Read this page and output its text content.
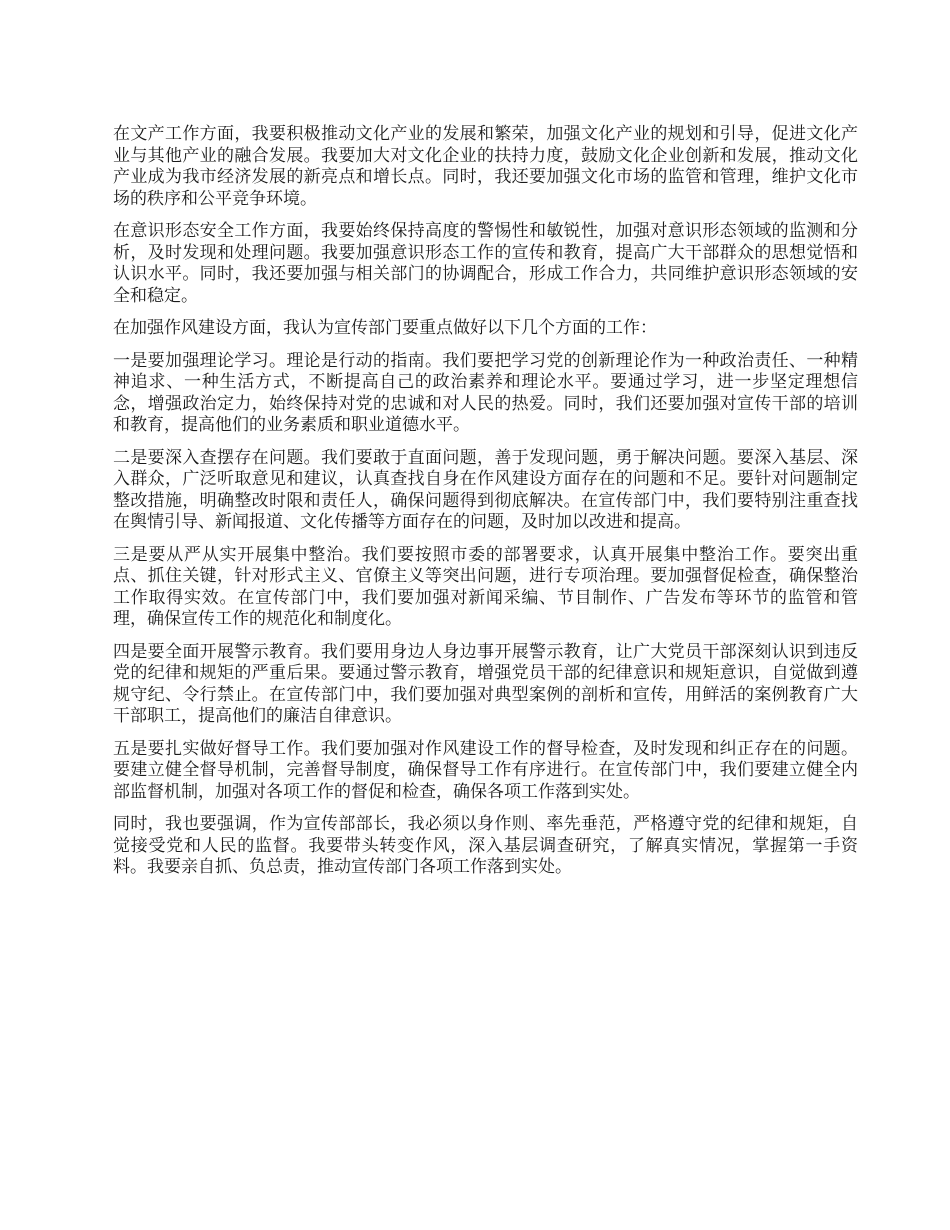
在文产工作方面，我要积极推动文化产业的发展和繁荣，加强文化产业的规划和引导，促进文化产业与其他产业的融合发展。我要加大对文化企业的扶持力度，鼓励文化企业创新和发展，推动文化产业成为我市经济发展的新亮点和增长点。同时，我还要加强文化市场的监管和管理，维护文化市场的秩序和公平竞争环境。

在意识形态安全工作方面，我要始终保持高度的警惕性和敏锐性，加强对意识形态领域的监测和分析，及时发现和处理问题。我要加强意识形态工作的宣传和教育，提高广大干部群众的思想觉悟和认识水平。同时，我还要加强与相关部门的协调配合，形成工作合力，共同维护意识形态领域的安全和稳定。

在加强作风建设方面，我认为宣传部门要重点做好以下几个方面的工作：

一是要加强理论学习。理论是行动的指南。我们要把学习党的创新理论作为一种政治责任、一种精神追求、一种生活方式，不断提高自己的政治素养和理论水平。要通过学习，进一步坚定理想信念，增强政治定力，始终保持对党的忠诚和对人民的热爱。同时，我们还要加强对宣传干部的培训和教育，提高他们的业务素质和职业道德水平。

二是要深入查摆存在问题。我们要敢于直面问题，善于发现问题，勇于解决问题。要深入基层、深入群众，广泛听取意见和建议，认真查找自身在作风建设方面存在的问题和不足。要针对问题制定整改措施，明确整改时限和责任人，确保问题得到彻底解决。在宣传部门中，我们要特别注重查找在舆情引导、新闻报道、文化传播等方面存在的问题，及时加以改进和提高。

三是要从严从实开展集中整治。我们要按照市委的部署要求，认真开展集中整治工作。要突出重点、抓住关键，针对形式主义、官僚主义等突出问题，进行专项治理。要加强督促检查，确保整治工作取得实效。在宣传部门中，我们要加强对新闻采编、节目制作、广告发布等环节的监管和管理，确保宣传工作的规范化和制度化。

四是要全面开展警示教育。我们要用身边人身边事开展警示教育，让广大党员干部深刻认识到违反党的纪律和规矩的严重后果。要通过警示教育，增强党员干部的纪律意识和规矩意识，自觉做到遵规守纪、令行禁止。在宣传部门中，我们要加强对典型案例的剖析和宣传，用鲜活的案例教育广大干部职工，提高他们的廉洁自律意识。

五是要扎实做好督导工作。我们要加强对作风建设工作的督导检查，及时发现和纠正存在的问题。要建立健全督导机制，完善督导制度，确保督导工作有序进行。在宣传部门中，我们要建立健全内部监督机制，加强对各项工作的督促和检查，确保各项工作落到实处。

同时，我也要强调，作为宣传部部长，我必须以身作则、率先垂范，严格遵守党的纪律和规矩，自觉接受党和人民的监督。我要带头转变作风，深入基层调查研究，了解真实情况，掌握第一手资料。我要亲自抓、负总责，推动宣传部门各项工作落到实处。
